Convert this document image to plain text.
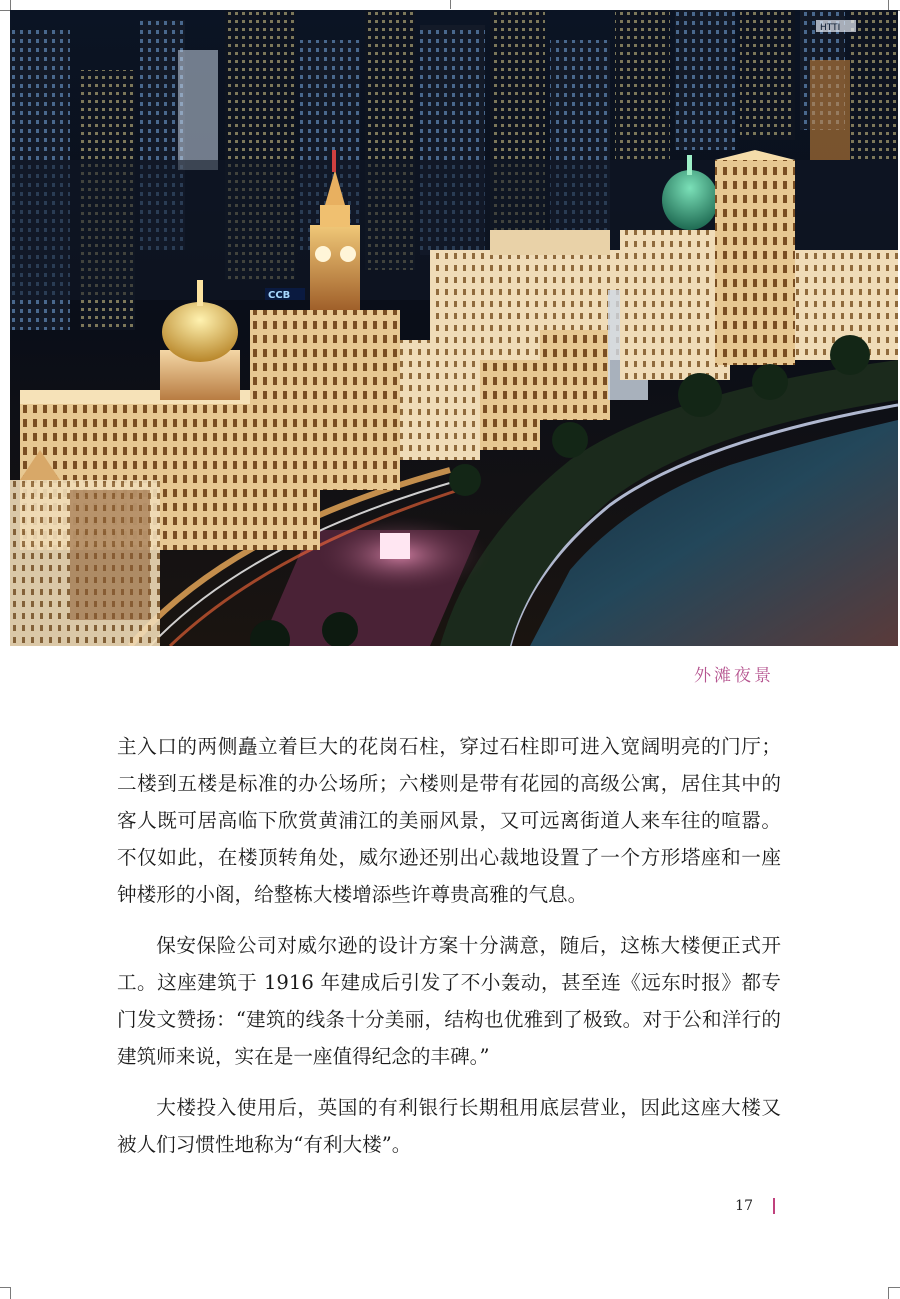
HTTI
CCB
外滩夜景

主入口的两侧矗立着巨大的花岗石柱，穿过石柱即可进入宽阔明亮的门厅；二楼到五楼是标准的办公场所；六楼则是带有花园的高级公寓，居住其中的客人既可居高临下欣赏黄浦江的美丽风景，又可远离街道人来车往的喧嚣。不仅如此，在楼顶转角处，威尔逊还别出心裁地设置了一个方形塔座和一座钟楼形的小阁，给整栋大楼增添些许尊贵高雅的气息。

保安保险公司对威尔逊的设计方案十分满意，随后，这栋大楼便正式开工。这座建筑于 1916 年建成后引发了不小轰动，甚至连《远东时报》都专门发文赞扬：“建筑的线条十分美丽，结构也优雅到了极致。对于公和洋行的建筑师来说，实在是一座值得纪念的丰碑。”

大楼投入使用后，英国的有利银行长期租用底层营业，因此这座大楼又被人们习惯性地称为“有利大楼”。

17
